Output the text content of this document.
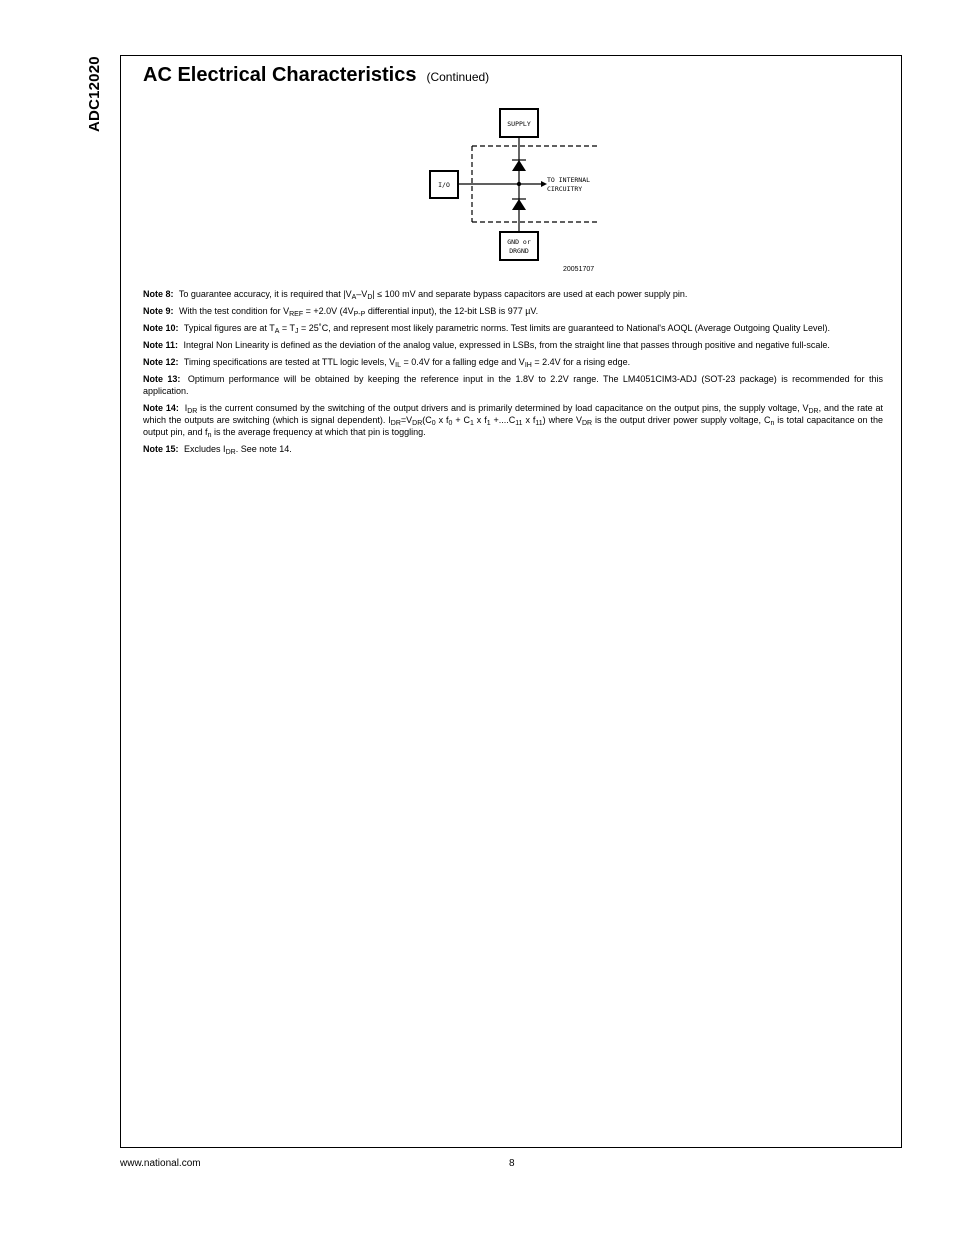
ADC12020 AC Electrical Characteristics (Continued)
SUPPLY
I/O
TO INTERNAL
CIRCUITRY
GND or
DRGND
20051707

Note 8: To guarantee accuracy, it is required that $|V_A-V_D| \le 100$ mV and separate bypass capacitors are used at each power supply pin.

Note 9: With the test condition for $V_{REF} = +2.0V$ ($4V_{P-P}$ differential input), the 12-bit LSB is 977 µV.

Note 10: Typical figures are at $T_A = T_J$ = 25˚C, and represent most likely parametric norms. Test limits are guaranteed to National's AOQL (Average Outgoing Quality Level).

Note 11: Integral Non Linearity is defined as the deviation of the analog value, expressed in LSBs, from the straight line that passes through positive and negative full-scale.

Note 12: Timing specifications are tested at TTL logic levels, $V_{IL} = 0.4V$ for a falling edge and $V_{IH} = 2.4V$ for a rising edge.

Note 13: Optimum performance will be obtained by keeping the reference input in the 1.8V to 2.2V range. The LM4051CIM3-ADJ (SOT-23 package) is recommended for this application.

Note 14: $I_{DR}$ is the current consumed by the switching of the output drivers and is primarily determined by load capacitance on the output pins, the supply voltage, $V_{DR}$, and the rate at which the outputs are switching (which is signal dependent). $I_{DR}=V_{DR}(C_0$ x $f_0 + C_1$ x $f_1 +....C_{11}$ x $f_{11}$) where $V_{DR}$ is the output driver power supply voltage, $C_n$ is total capacitance on the output pin, and $f_n$ is the average frequency at which that pin is toggling.

Note 15: Excludes $I_{DR}$. See note 14.

www.national.com	8
